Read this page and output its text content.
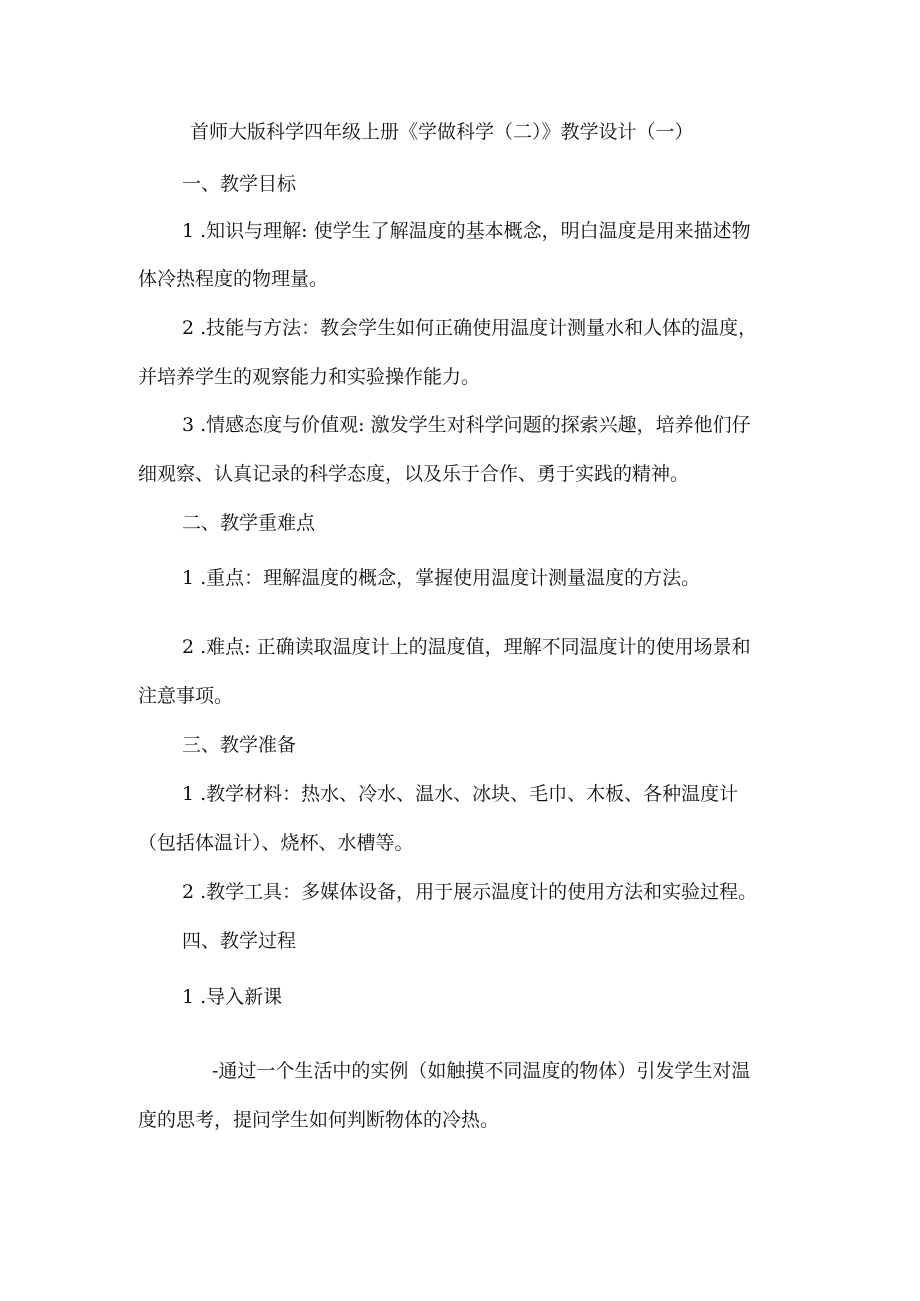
首师大版科学四年级上册《学做科学（二）》教学设计（一）
一、教学目标
1 .知识与理解: 使学生了解温度的基本概念，明白温度是用来描述物
体冷热程度的物理量。
2 .技能与方法：教会学生如何正确使用温度计测量水和人体的温度，
并培养学生的观察能力和实验操作能力。
3 .情感态度与价值观: 激发学生对科学问题的探索兴趣，培养他们仔
细观察、认真记录的科学态度，以及乐于合作、勇于实践的精神。
二、教学重难点
1 .重点：理解温度的概念，掌握使用温度计测量温度的方法。
2 .难点: 正确读取温度计上的温度值，理解不同温度计的使用场景和
注意事项。
三、教学准备
1 .教学材料：热水、冷水、温水、冰块、毛巾、木板、各种温度计
（包括体温计）、烧杯、水槽等。
2 .教学工具：多媒体设备，用于展示温度计的使用方法和实验过程。
四、教学过程
1 .导入新课
-通过一个生活中的实例（如触摸不同温度的物体）引发学生对温
度的思考，提问学生如何判断物体的冷热。
